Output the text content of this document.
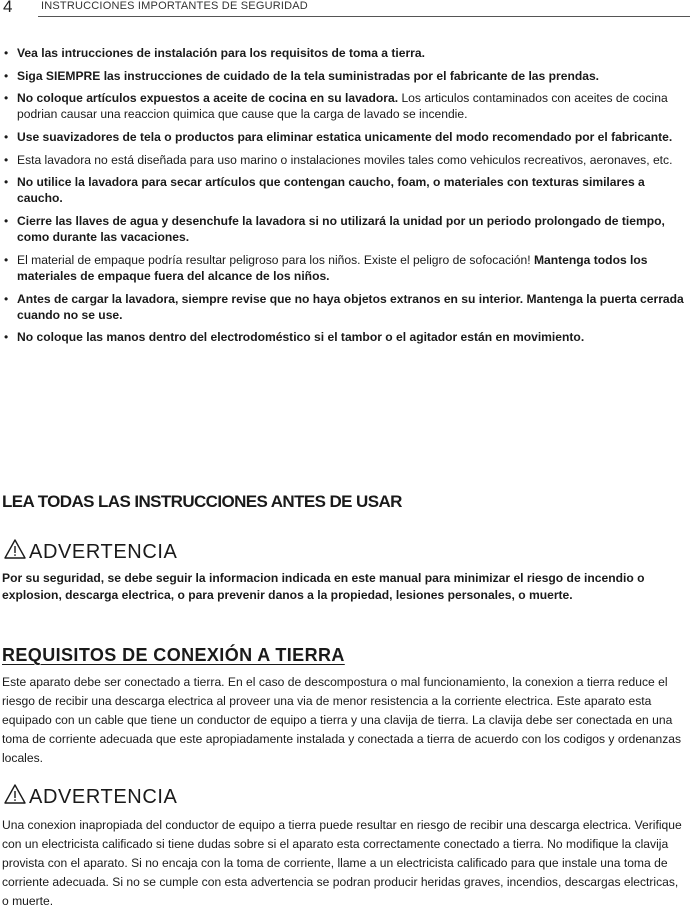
4	INSTRUCCIONES IMPORTANTES DE SEGURIDAD
• Vea las intrucciones de instalación para los requisitos de toma a tierra.
• Siga SIEMPRE las instrucciones de cuidado de la tela suministradas por el fabricante de las prendas.
• No coloque artículos expuestos a aceite de cocina en su lavadora. Los articulos contaminados con aceites de cocina podrian causar una reaccion quimica que cause que la carga de lavado se incendie.
• Use suavizadores de tela o productos para eliminar estatica unicamente del modo recomendado por el fabricante.
• Esta lavadora no está diseñada para uso marino o instalaciones moviles tales como vehiculos recreativos, aeronaves, etc.
• No utilice la lavadora para secar artículos que contengan caucho, foam, o materiales con texturas similares a caucho.
• Cierre las llaves de agua y desenchufe la lavadora si no utilizará la unidad por un periodo prolongado de tiempo, como durante las vacaciones.
• El material de empaque podría resultar peligroso para los niños. Existe el peligro de sofocación! Mantenga todos los materiales de empaque fuera del alcance de los niños.
• Antes de cargar la lavadora, siempre revise que no haya objetos extranos en su interior. Mantenga la puerta cerrada cuando no se use.
• No coloque las manos dentro del electrodoméstico si el tambor o el agitador están en movimiento.
LEA TODAS LAS INSTRUCCIONES ANTES DE USAR
ADVERTENCIA

Por su seguridad, se debe seguir la informacion indicada en este manual para minimizar el riesgo de incendio o explosion, descarga electrica, o para prevenir danos a la propiedad, lesiones personales, o muerte.

REQUISITOS DE CONEXIÓN A TIERRA

Este aparato debe ser conectado a tierra. En el caso de descompostura o mal funcionamiento, la conexion a tierra reduce el riesgo de recibir una descarga electrica al proveer una via de menor resistencia a la corriente electrica. Este aparato esta equipado con un cable que tiene un conductor de equipo a tierra y una clavija de tierra. La clavija debe ser conectada en una toma de corriente adecuada que este apropiadamente instalada y conectada a tierra de acuerdo con los codigos y ordenanzas locales.

ADVERTENCIA

Una conexion inapropiada del conductor de equipo a tierra puede resultar en riesgo de recibir una descarga electrica. Verifique con un electricista calificado si tiene dudas sobre si el aparato esta correctamente conectado a tierra. No modifique la clavija provista con el aparato. Si no encaja con la toma de corriente, llame a un electricista calificado para que instale una toma de corriente adecuada. Si no se cumple con esta advertencia se podran producir heridas graves, incendios, descargas electricas, o muerte.
